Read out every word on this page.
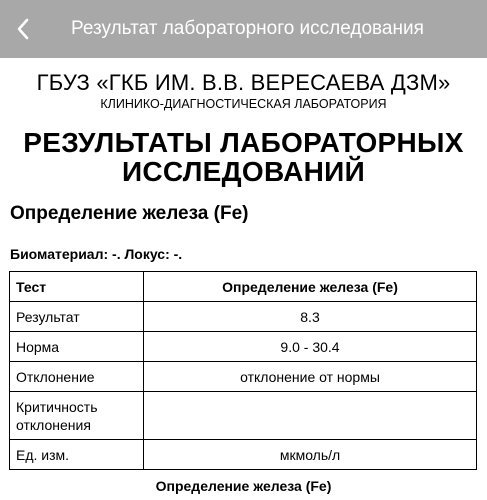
Результат лабораторного исследования
ГБУЗ «ГКБ ИМ. В.В. ВЕРЕСАЕВА ДЗМ»
КЛИНИКО-ДИАГНОСТИЧЕСКАЯ ЛАБОРАТОРИЯ
РЕЗУЛЬТАТЫ ЛАБОРАТОРНЫХ ИССЛЕДОВАНИЙ
Определение железа (Fe)
Биоматериал: -. Локус: -.
Тест	Определение железа (Fe)
Результат	8.3
Норма	9.0 - 30.4
Отклонение	отклонение от нормы
Критичность отклонения	
Ед. изм.	мкмоль/л
Определение железа (Fe)
